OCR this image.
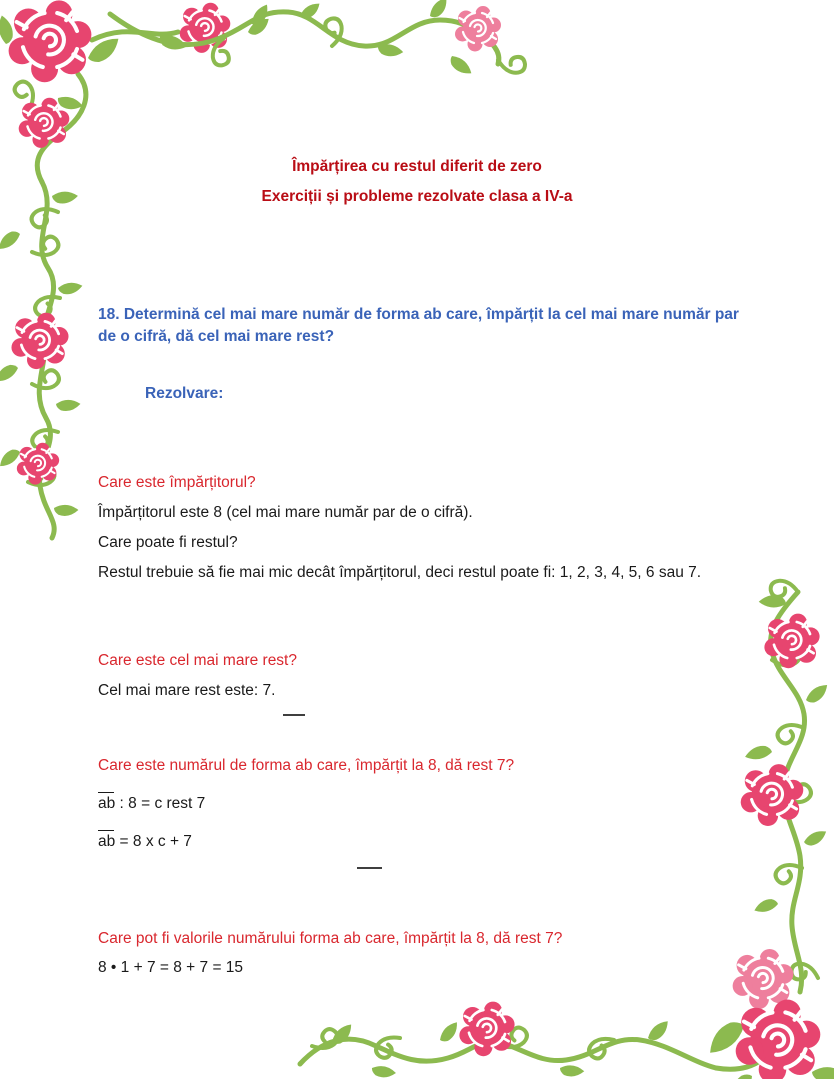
Împărțirea cu restul diferit de zero
Exerciții și probleme rezolvate clasa a IV-a
18. Determină cel mai mare număr de forma ab care, împărțit la cel mai mare număr par de o cifră, dă cel mai mare rest?
Rezolvare:
Care este împărțitorul?
Împărțitorul este 8 (cel mai mare număr par de o cifră).
Care poate fi restul?
Restul trebuie să fie mai mic decât împărțitorul, deci restul poate fi: 1, 2, 3, 4, 5, 6 sau 7.
Care este cel mai mare rest?
Cel mai mare rest este: 7.
Care este numărul de forma ab care, împărțit la 8, dă rest 7?
ab : 8 = c rest 7
ab = 8 x c + 7
Care pot fi valorile numărului forma ab care, împărțit la 8, dă rest 7?
8 • 1 + 7 = 8 + 7 = 15
